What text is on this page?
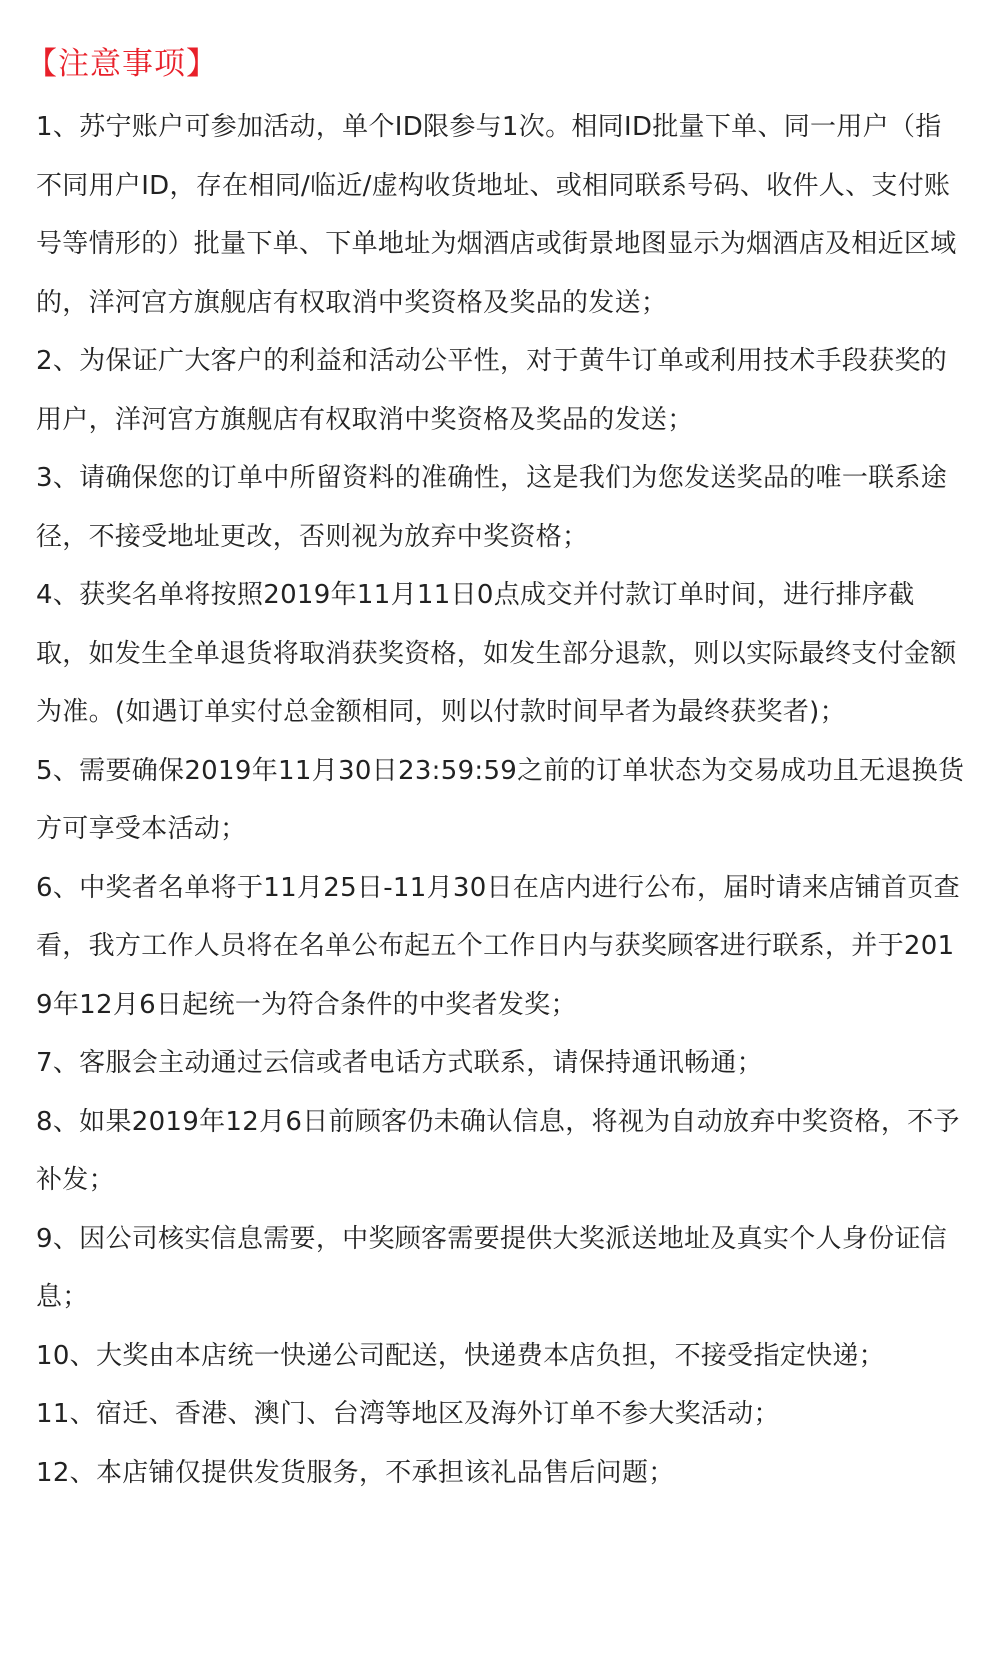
【注意事项】

1、苏宁账户可参加活动，单个ID限参与1次。相同ID批量下单、同一用户（指不同用户ID，存在相同/临近/虚构收货地址、或相同联系号码、收件人、支付账号等情形的）批量下单、下单地址为烟酒店或街景地图显示为烟酒店及相近区域的，洋河宫方旗舰店有权取消中奖资格及奖品的发送；

2、为保证广大客户的利益和活动公平性，对于黄牛订单或利用技术手段获奖的用户，洋河宫方旗舰店有权取消中奖资格及奖品的发送；

3、请确保您的订单中所留资料的准确性，这是我们为您发送奖品的唯一联系途径，不接受地址更改，否则视为放弃中奖资格；

4、获奖名单将按照2019年11月11日0点成交并付款订单时间，进行排序截取，如发生全单退货将取消获奖资格，如发生部分退款，则以实际最终支付金额为准。(如遇订单实付总金额相同，则以付款时间早者为最终获奖者)；

5、需要确保2019年11月30日23:59:59之前的订单状态为交易成功且无退换货方可享受本活动；

6、中奖者名单将于11月25日-11月30日在店内进行公布，届时请来店铺首页查看，我方工作人员将在名单公布起五个工作日内与获奖顾客进行联系，并于2019年12月6日起统一为符合条件的中奖者发奖；

7、客服会主动通过云信或者电话方式联系，请保持通讯畅通；

8、如果2019年12月6日前顾客仍未确认信息，将视为自动放弃中奖资格，不予补发；

9、因公司核实信息需要，中奖顾客需要提供大奖派送地址及真实个人身份证信息；

10、大奖由本店统一快递公司配送，快递费本店负担，不接受指定快递；

11、宿迁、香港、澳门、台湾等地区及海外订单不参大奖活动；

12、本店铺仅提供发货服务，不承担该礼品售后问题；
